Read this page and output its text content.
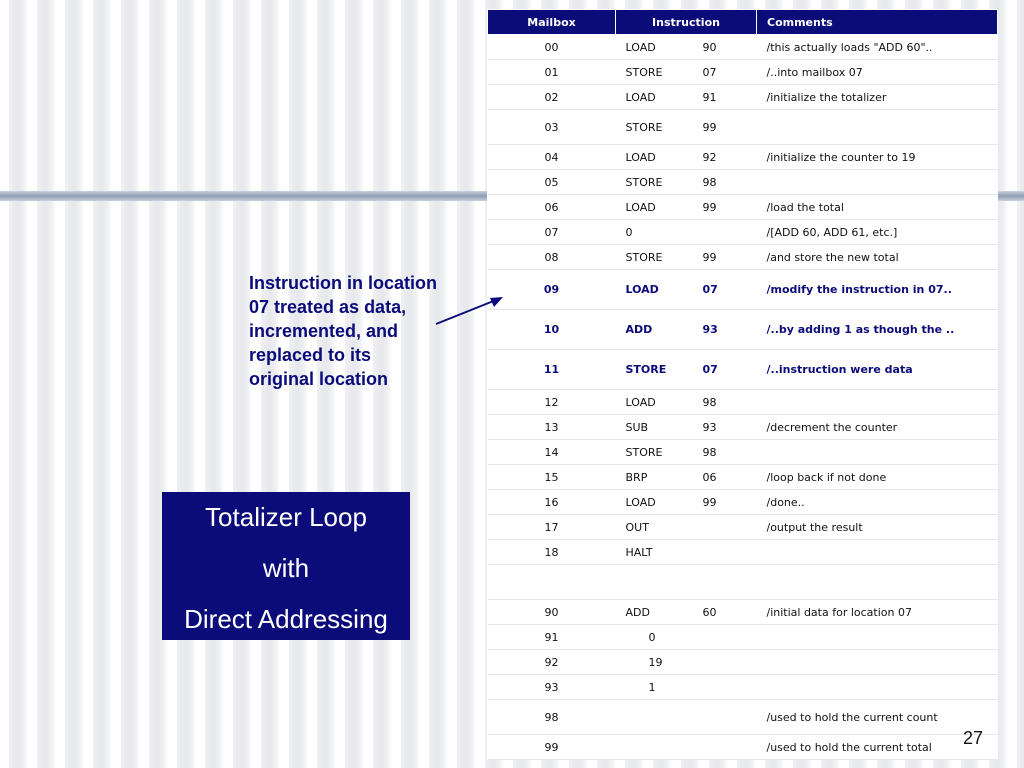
Mailbox	Instruction		Comments
00	LOAD	90	/this actually loads "ADD 60"..
01	STORE	07	/..into mailbox 07
02	LOAD	91	/initialize the totalizer
03	STORE	99	
04	LOAD	92	/initialize the counter to 19
05	STORE	98	
06	LOAD	99	/load the total
07	0		/[ADD 60, ADD 61, etc.]
08	STORE	99	/and store the new total
09	LOAD	07	/modify the instruction in 07..
10	ADD	93	/..by adding 1 as though the ..
11	STORE	07	/..instruction were data
12	LOAD	98	
13	SUB	93	/decrement the counter
14	STORE	98	
15	BRP	06	/loop back if not done
16	LOAD	99	/done..
17	OUT		/output the result
18	HALT		

90	ADD	60	/initial data for location 07
91	0		
92	19		
93	1		
98			/used to hold the current count
99			/used to hold the current total
Instruction in location 07 treated as data, incremented, and replaced to its original location
Totalizer Loop
with
Direct Addressing
27
